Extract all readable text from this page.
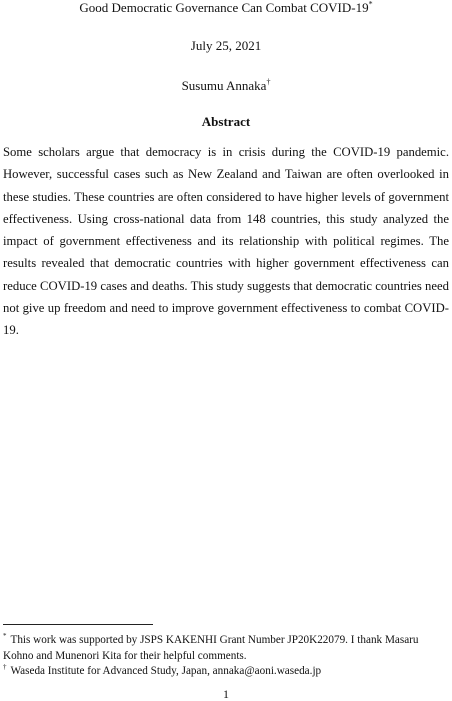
Good Democratic Governance Can Combat COVID-19*
July 25, 2021
Susumu Annaka†
Abstract

Some scholars argue that democracy is in crisis during the COVID-19 pandemic. However, successful cases such as New Zealand and Taiwan are often overlooked in these studies. These countries are often considered to have higher levels of government effectiveness. Using cross-national data from 148 countries, this study analyzed the impact of government effectiveness and its relationship with political regimes. The results revealed that democratic countries with higher government effectiveness can reduce COVID-19 cases and deaths. This study suggests that democratic countries need not give up freedom and need to improve government effectiveness to combat COVID-19.

* This work was supported by JSPS KAKENHI Grant Number JP20K22079. I thank Masaru Kohno and Munenori Kita for their helpful comments.

† Waseda Institute for Advanced Study, Japan, annaka@aoni.waseda.jp

1
